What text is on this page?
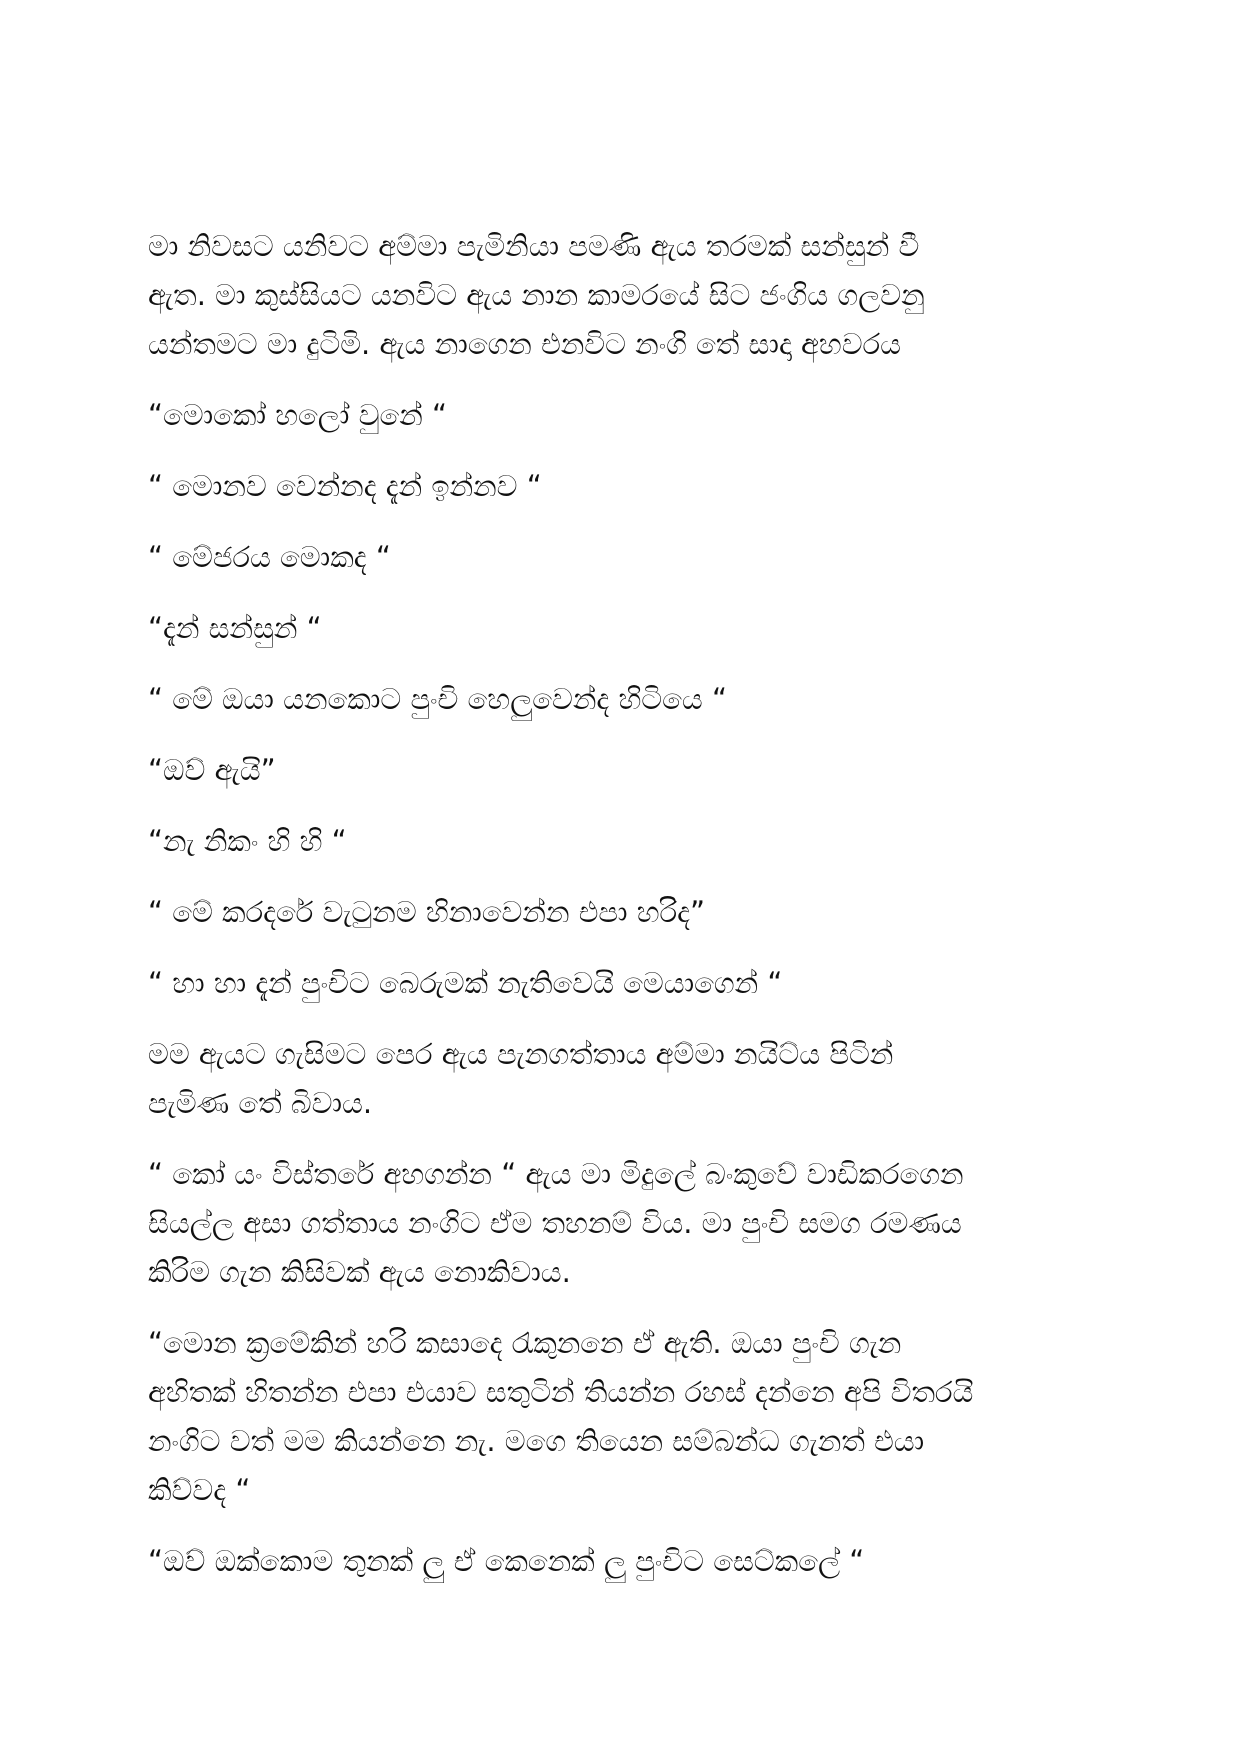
මා නිවසට යනිවට අම්මා පැමිනියා පමණි ඇය තරමක් සන්සුන් වී
ඇත. මා කුස්සියට යනවිට ඇය නාන කාමරයේ සිට ජංගිය ගලවනු
යන්තමට මා දුටිමි. ඇය නාගෙන එනවිට නංගි තේ සාදා අහවරය

“මොකෝ හලෝ වුනේ “

“ මොනව වෙන්නද දැන් ඉන්නව “

“ මේජරය මොකද “

“දැන් සන්සුන් “

“ මේ ඔයා යනකොට පුංචි හෙලුවෙන්ද හිටියෙ “

“ඔව් ඇයි”

“නැ නිකං හි හි “

“ මේ කරදරේ වැටුනම හිනාවෙන්න එපා හරිද”

“ හා හා දැන් පුංචිට බෙරුමක් නැතිවෙයි මෙයාගෙන් “

මම ඇයට ගැසිමට පෙර ඇය පැනගත්තාය අම්මා නයිට්ය පිටින්
පැමිණ තේ බිවාය.

“ කෝ යං විස්තරේ අහගන්න “ ඇය මා මිදුලේ බංකුවේ වාඩිකරගෙන
සියල්ල අසා ගත්තාය නංගිට ඒම තහනම් විය. මා පුංචි සමග රමණය
කිරිම ගැන කිසිවක් ඇය නොකිවාය.

“මොන ක්‍රමේකින් හරි කසාදෙ රැකුනනෙ ඒ ඇති. ඔයා පුංචි ගැන
අහිතක් හිතන්න එපා එයාව සතුටින් තියන්න රහස් දන්නෙ අපි විතරයි
නංගිට වත් මම කියන්නෙ නැ. මගෙ තියෙන සම්බන්ධ ගැනත් එයා
කිව්වද “

“ඔව් ඔක්කොම තුනක් ලු ඒ කෙනෙක් ලු පුංචිට සෙට්කලේ “
